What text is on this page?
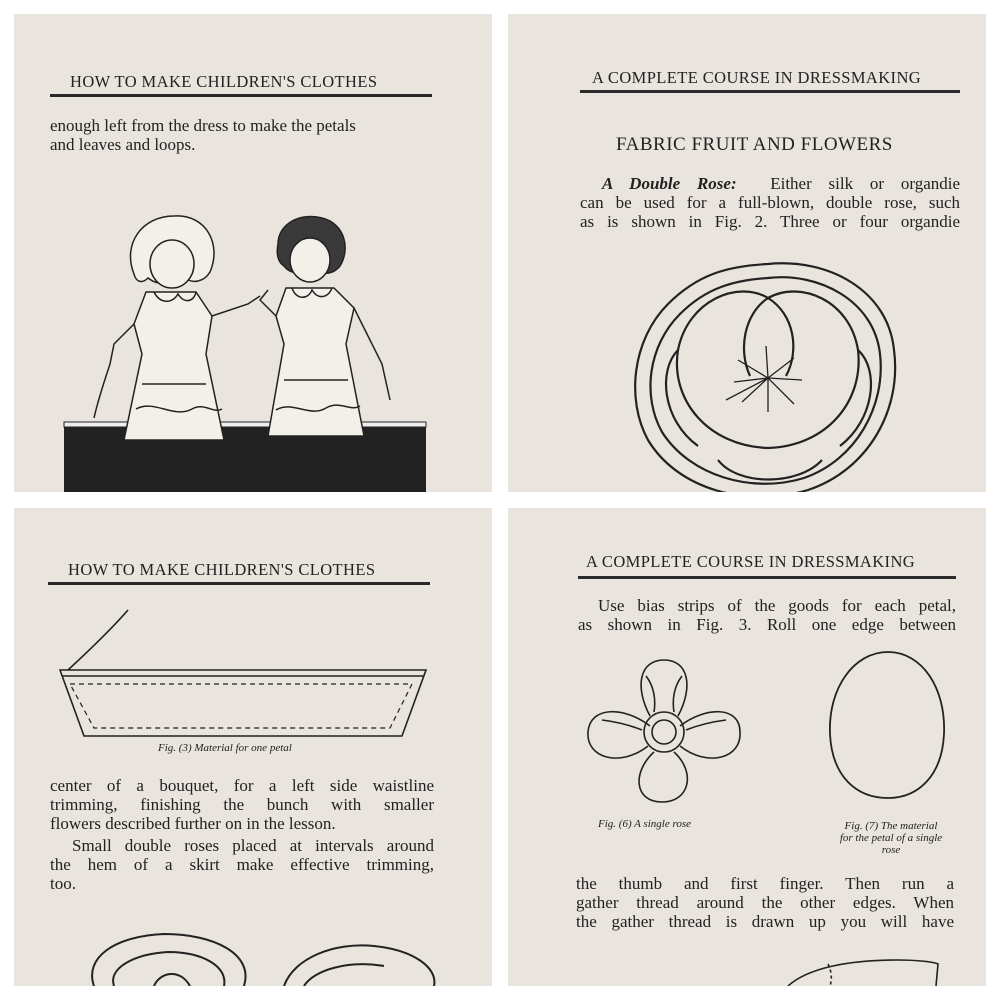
HOW TO MAKE CHILDREN'S CLOTHES

enough left from the dress to make the petals

and leaves and loops.

A COMPLETE COURSE IN DRESSMAKING
FABRIC FRUIT AND FLOWERS

A Double Rose: Either silk or organdie

can be used for a full-blown, double rose, such

as is shown in Fig. 2. Three or four organdie

HOW TO MAKE CHILDREN'S CLOTHES
Fig. (3) Material for one petal

center of a bouquet, for a left side waistline

trimming, finishing the bunch with smaller

flowers described further on in the lesson.

Small double roses placed at intervals around

the hem of a skirt make effective trimming,

too.

A COMPLETE COURSE IN DRESSMAKING

Use bias strips of the goods for each petal,

as shown in Fig. 3. Roll one edge between

Fig. (6) A single rose	Fig. (7) The material
for the petal of a single
rose

the thumb and first finger. Then run a

gather thread around the other edges. When

the gather thread is drawn up you will have
